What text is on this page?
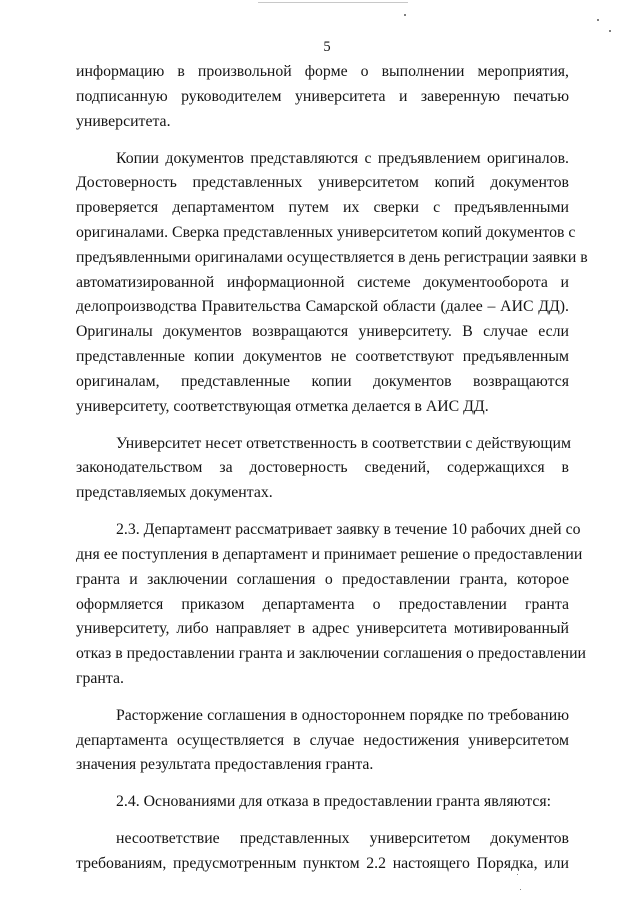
5
информацию в произвольной форме о выполнении мероприятия,
подписанную руководителем университета и заверенную печатью
университета.
Копии документов представляются с предъявлением оригиналов.
Достоверность представленных университетом копий документов
проверяется департаментом путем их сверки с предъявленными
оригиналами. Сверка представленных университетом копий документов с
предъявленными оригиналами осуществляется в день регистрации заявки в
автоматизированной информационной системе документооборота и
делопроизводства Правительства Самарской области (далее – АИС ДД).
Оригиналы документов возвращаются университету. В случае если
представленные копии документов не соответствуют предъявленным
оригиналам, представленные копии документов возвращаются
университету, соответствующая отметка делается в АИС ДД.
Университет несет ответственность в соответствии с действующим
законодательством за достоверность сведений, содержащихся в
представляемых документах.
2.3. Департамент рассматривает заявку в течение 10 рабочих дней со
дня ее поступления в департамент и принимает решение о предоставлении
гранта и заключении соглашения о предоставлении гранта, которое
оформляется приказом департамента о предоставлении гранта
университету, либо направляет в адрес университета мотивированный
отказ в предоставлении гранта и заключении соглашения о предоставлении
гранта.
Расторжение соглашения в одностороннем порядке по требованию
департамента осуществляется в случае недостижения университетом
значения результата предоставления гранта.
2.4. Основаниями для отказа в предоставлении гранта являются:
несоответствие представленных университетом документов
требованиям, предусмотренным пунктом 2.2 настоящего Порядка, или
